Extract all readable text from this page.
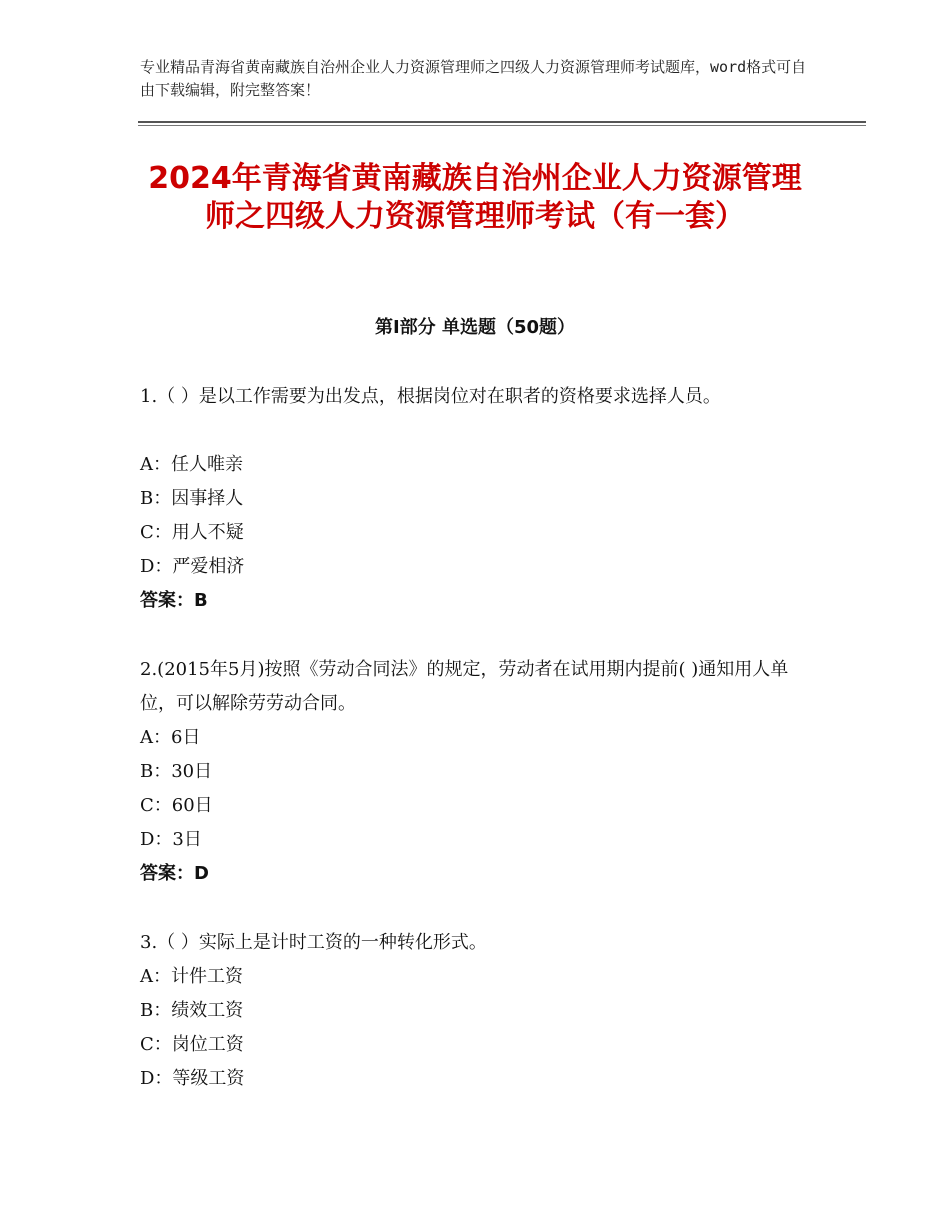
专业精品青海省黄南藏族自治州企业人力资源管理师之四级人力资源管理师考试题库，word格式可自由下载编辑，附完整答案！
2024年青海省黄南藏族自治州企业人力资源管理师之四级人力资源管理师考试（有一套）
第Ⅰ部分 单选题（50题）
1.（ ）是以工作需要为出发点，根据岗位对在职者的资格要求选择人员。
A：任人唯亲
B：因事择人
C：用人不疑
D：严爱相济
答案：B
2.(2015年5月)按照《劳动合同法》的规定，劳动者在试用期内提前( )通知用人单位，可以解除劳劳动合同。
A：6日
B：30日
C：60日
D：3日
答案：D
3.（ ）实际上是计时工资的一种转化形式。
A：计件工资
B：绩效工资
C：岗位工资
D：等级工资
